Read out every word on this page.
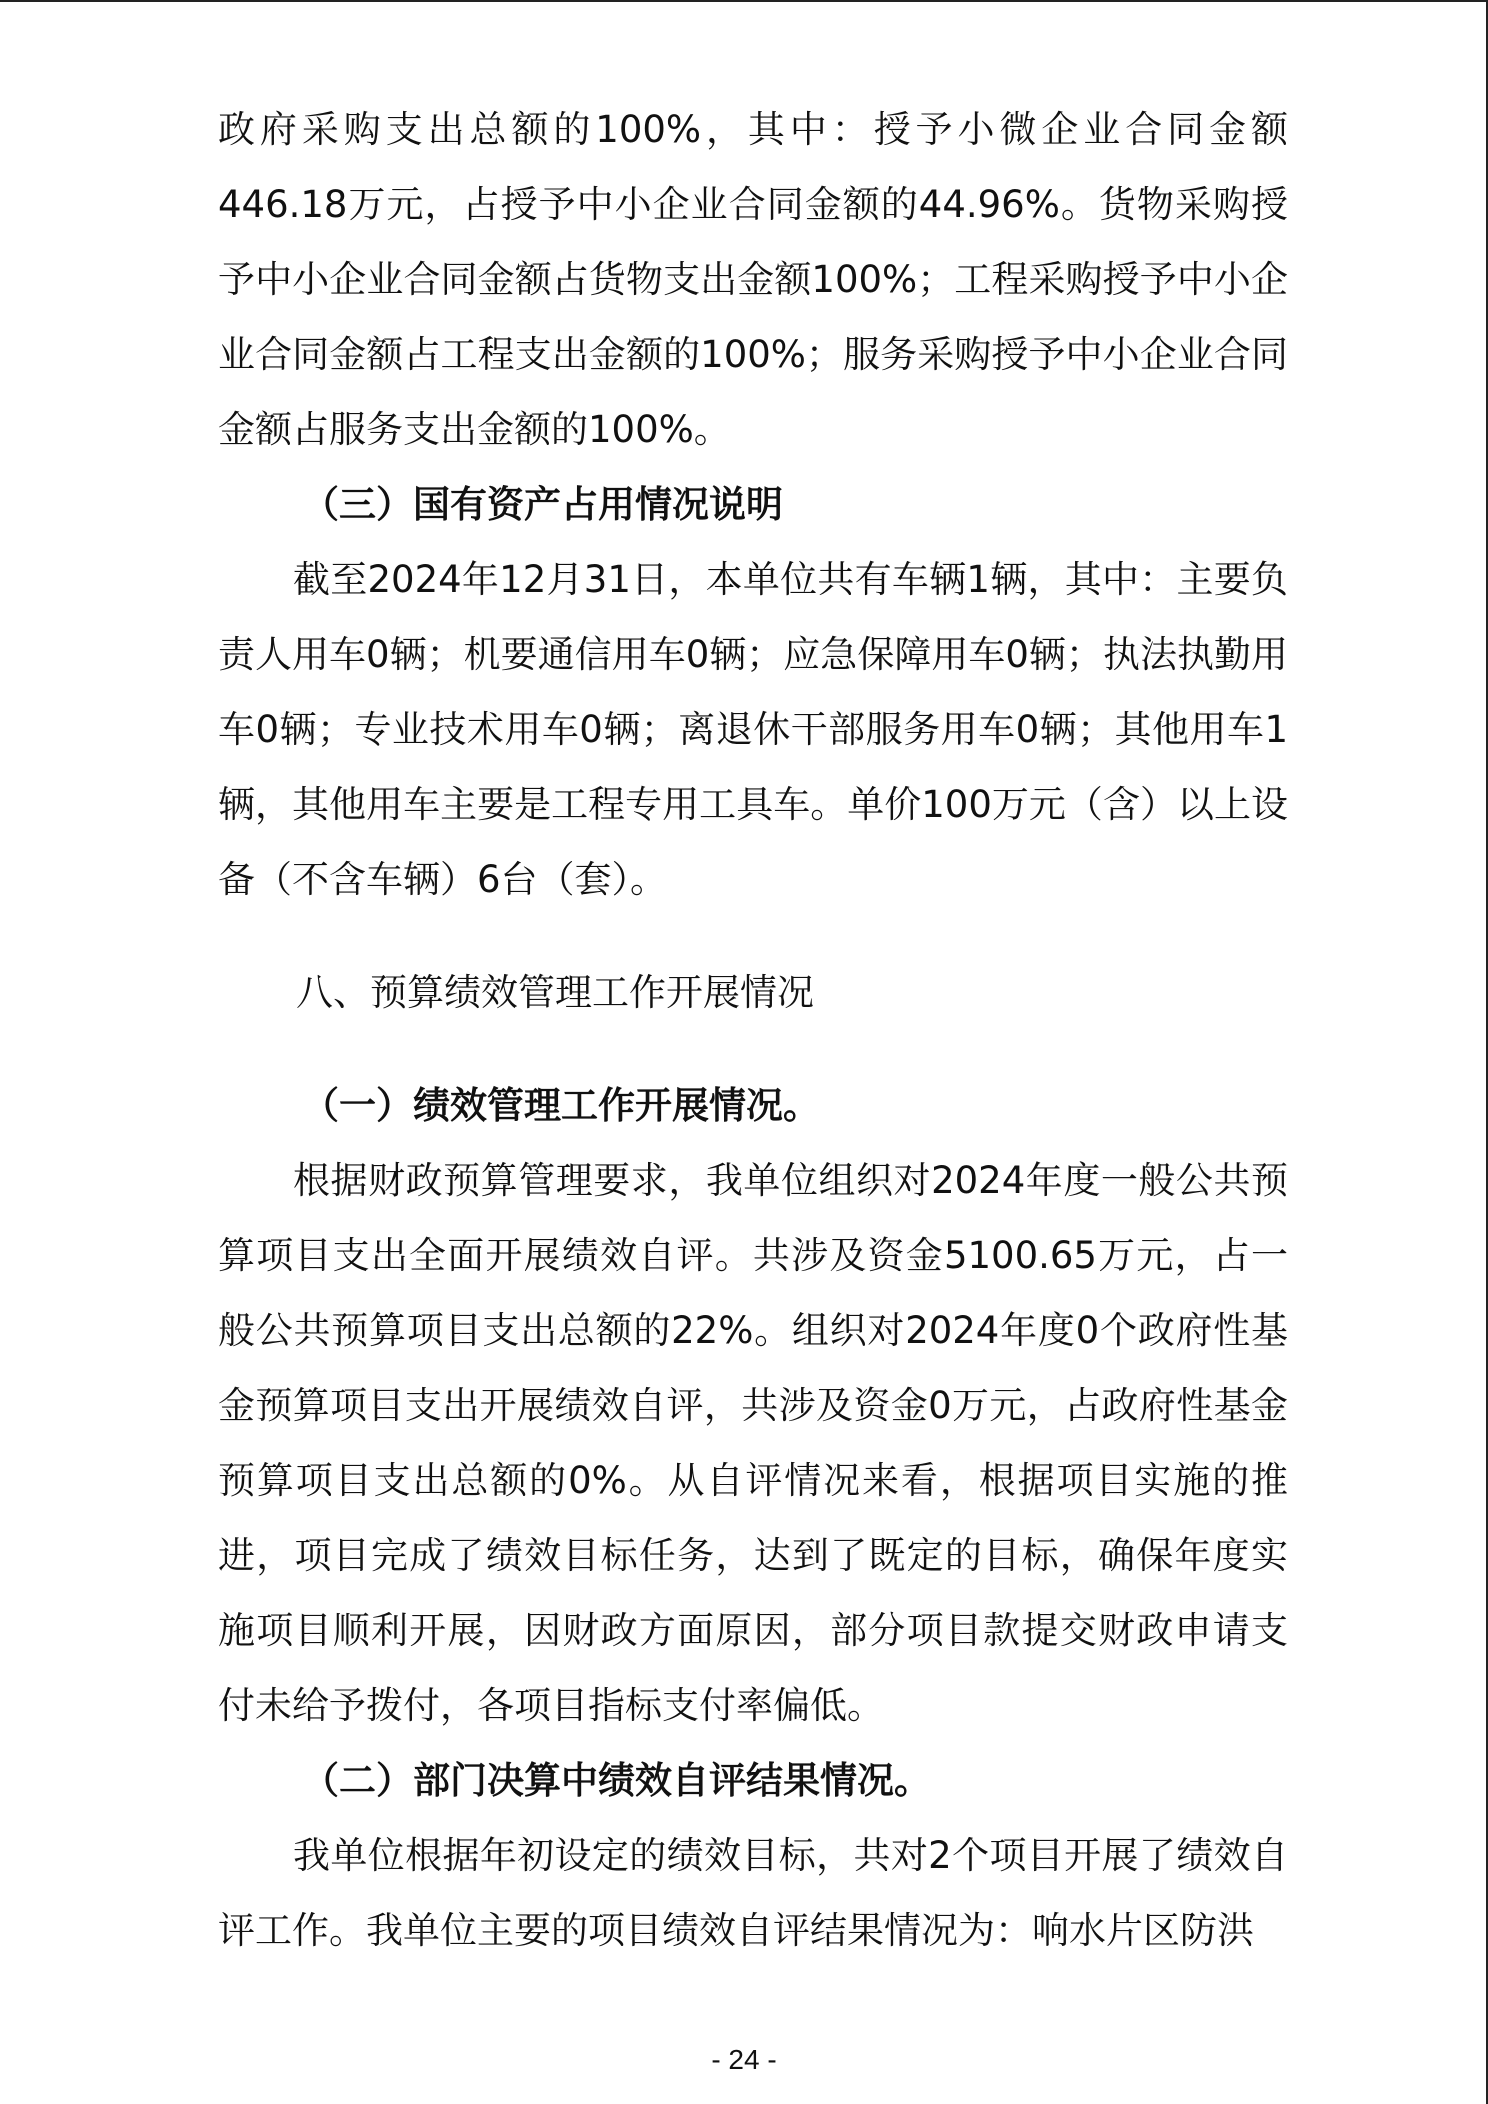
政府采购支出总额的100%，其中：授予小微企业合同金额446.18万元，占授予中小企业合同金额的44.96%。货物采购授予中小企业合同金额占货物支出金额100%；工程采购授予中小企业合同金额占工程支出金额的100%；服务采购授予中小企业合同金额占服务支出金额的100%。

（三）国有资产占用情况说明

截至2024年12月31日，本单位共有车辆1辆，其中：主要负责人用车0辆；机要通信用车0辆；应急保障用车0辆；执法执勤用车0辆；专业技术用车0辆；离退休干部服务用车0辆；其他用车1辆，其他用车主要是工程专用工具车。单价100万元（含）以上设备（不含车辆）6台（套）。

八、预算绩效管理工作开展情况

（一）绩效管理工作开展情况。

根据财政预算管理要求，我单位组织对2024年度一般公共预算项目支出全面开展绩效自评。共涉及资金5100.65万元，占一般公共预算项目支出总额的22%。组织对2024年度0个政府性基金预算项目支出开展绩效自评，共涉及资金0万元，占政府性基金预算项目支出总额的0%。从自评情况来看，根据项目实施的推进，项目完成了绩效目标任务，达到了既定的目标，确保年度实施项目顺利开展，因财政方面原因，部分项目款提交财政申请支付未给予拨付，各项目指标支付率偏低。

（二）部门决算中绩效自评结果情况。

我单位根据年初设定的绩效目标，共对2个项目开展了绩效自评工作。我单位主要的项目绩效自评结果情况为：响水片区防洪

- 24 -
